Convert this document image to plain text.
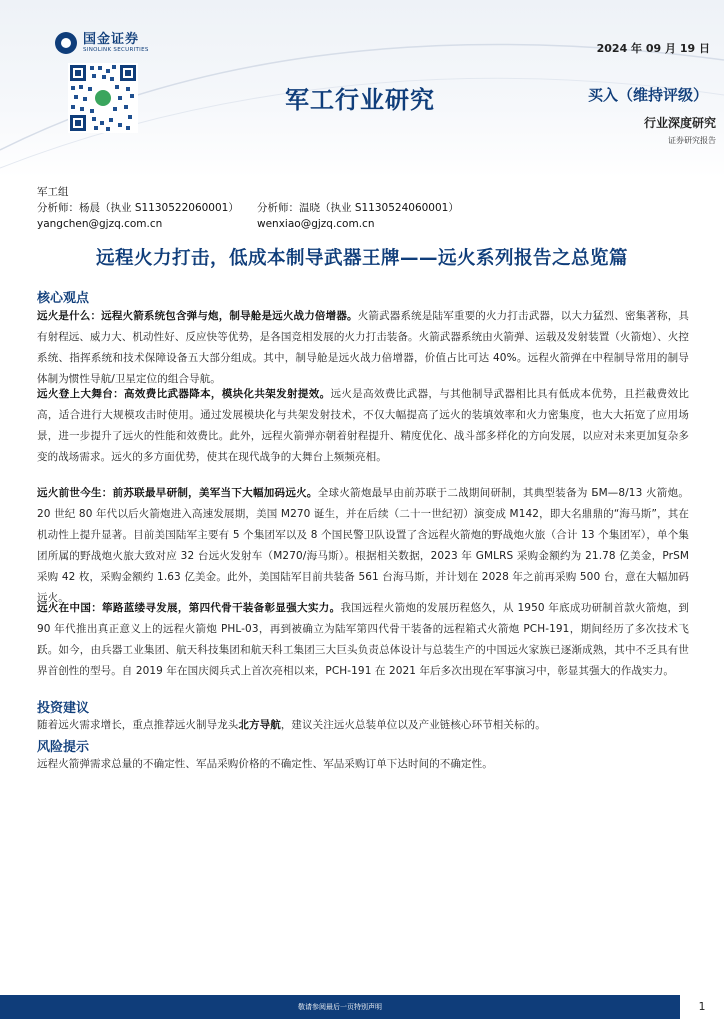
国金证券
SINOLINK SECURITIES	2024 年 09 月 19 日
军工行业研究	买入（维持评级）
行业深度研究
证券研究报告
军工组
分析师：杨晨（执业 S1130522060001）	分析师：温晓（执业 S1130524060001）
yangchen@gjzq.com.cn	wenxiao@gjzq.com.cn
远程火力打击，低成本制导武器王牌——远火系列报告之总览篇
核心观点
远火是什么：远程火箭系统包含弹与炮，制导舱是远火战力倍增器。火箭武器系统是陆军重要的火力打击武器，以大力猛烈、密集著称，具有射程远、威力大、机动性好、反应快等优势，是各国竞相发展的火力打击装备。火箭武器系统由火箭弹、运载及发射装置（火箭炮）、火控系统、指挥系统和技术保障设备五大部分组成。其中，制导舱是远火战力倍增器，价值占比可达 40%。远程火箭弹在中程制导常用的制导体制为惯性导航/卫星定位的组合导航。
远火登上大舞台：高效费比武器降本，模块化共架发射提效。远火是高效费比武器，与其他制导武器相比具有低成本优势，且拦截费效比高，适合进行大规模攻击时使用。通过发展模块化与共架发射技术，不仅大幅提高了远火的装填效率和火力密集度，也大大拓宽了应用场景，进一步提升了远火的性能和效费比。此外，远程火箭弹亦朝着射程提升、精度优化、战斗部多样化的方向发展，以应对未来更加复杂多变的战场需求。远火的多方面优势，使其在现代战争的大舞台上频频亮相。
远火前世今生：前苏联最早研制，美军当下大幅加码远火。全球火箭炮最早由前苏联于二战期间研制，其典型装备为 БМ—8/13 火箭炮。20 世纪 80 年代以后火箭炮进入高速发展期，美国 M270 诞生，并在后续（二十一世纪初）演变成 M142，即大名鼎鼎的“海马斯”，其在机动性上提升显著。目前美国陆军主要有 5 个集团军以及 8 个国民警卫队设置了含远程火箭炮的野战炮火旅（合计 13 个集团军），单个集团所属的野战炮火旅大致对应 32 台远火发射车（M270/海马斯）。根据相关数据，2023 年 GMLRS 采购金额约为 21.78 亿美金，PrSM 采购 42 枚，采购金额约 1.63 亿美金。此外，美国陆军目前共装备 561 台海马斯，并计划在 2028 年之前再采购 500 台，意在大幅加码远火。
远火在中国：筚路蓝缕寻发展，第四代骨干装备彰显强大实力。我国远程火箭炮的发展历程悠久，从 1950 年底成功研制首款火箭炮，到 90 年代推出真正意义上的远程火箭炮 PHL-03，再到被确立为陆军第四代骨干装备的远程箱式火箭炮 PCH-191，期间经历了多次技术飞跃。如今，由兵器工业集团、航天科技集团和航天科工集团三大巨头负责总体设计与总装生产的中国远火家族已逐渐成熟，其中不乏具有世界首创性的型号。自 2019 年在国庆阅兵式上首次亮相以来，PCH-191 在 2021 年后多次出现在军事演习中，彰显其强大的作战实力。
投资建议
随着远火需求增长，重点推荐远火制导龙头北方导航，建议关注远火总装单位以及产业链核心环节相关标的。
风险提示
远程火箭弹需求总量的不确定性、军品采购价格的不确定性、军品采购订单下达时间的不确定性。
敬请参阅最后一页特别声明	1
